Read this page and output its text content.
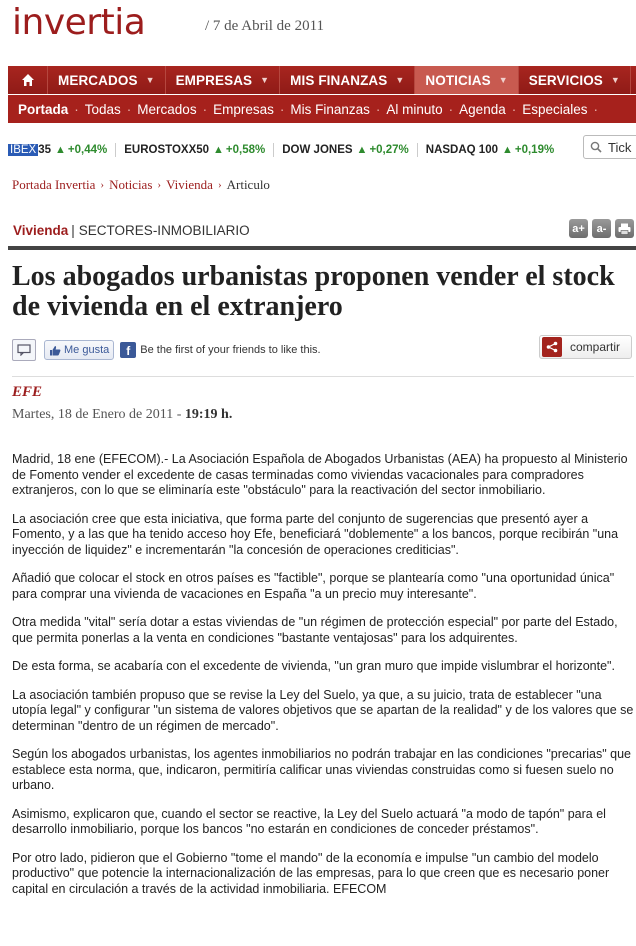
invertia	/ 7 de Abril de 2011
MERCADOS ▼ EMPRESAS ▼ MIS FINANZAS ▼ NOTICIAS ▼ SERVICIOS ▼
Portada · Todas · Mercados · Empresas · Mis Finanzas · Al minuto · Agenda · Especiales ·
IBEX 35 ▲ +0,44% EUROSTOXX50 ▲ +0,58% DOW JONES ▲ +0,27% NASDAQ 100 ▲ +0,19%	Tick
Portada Invertia › Noticias › Vivienda › Articulo
Vivienda | SECTORES-INMOBILIARIO	a+	a-
Los abogados urbanistas proponen vender el stock de vivienda en el extranjero
Me gusta	f Be the first of your friends to like this.	compartir
EFE
Martes, 18 de Enero de 2011 - 19:19 h.

Madrid, 18 ene (EFECOM).- La Asociación Española de Abogados Urbanistas (AEA) ha propuesto al Ministerio de Fomento vender el excedente de casas terminadas como viviendas vacacionales para compradores extranjeros, con lo que se eliminaría este "obstáculo" para la reactivación del sector inmobiliario.

La asociación cree que esta iniciativa, que forma parte del conjunto de sugerencias que presentó ayer a Fomento, y a las que ha tenido acceso hoy Efe, beneficiará "doblemente" a los bancos, porque recibirán "una inyección de liquidez" e incrementarán "la concesión de operaciones crediticias".

Añadió que colocar el stock en otros países es "factible", porque se plantearía como "una oportunidad única" para comprar una vivienda de vacaciones en España "a un precio muy interesante".

Otra medida "vital" sería dotar a estas viviendas de "un régimen de protección especial" por parte del Estado, que permita ponerlas a la venta en condiciones "bastante ventajosas" para los adquirentes.

De esta forma, se acabaría con el excedente de vivienda, "un gran muro que impide vislumbrar el horizonte".

La asociación también propuso que se revise la Ley del Suelo, ya que, a su juicio, trata de establecer "una utopía legal" y configurar "un sistema de valores objetivos que se apartan de la realidad" y de los valores que se determinan "dentro de un régimen de mercado".

Según los abogados urbanistas, los agentes inmobiliarios no podrán trabajar en las condiciones "precarias" que establece esta norma, que, indicaron, permitiría calificar unas viviendas construidas como si fuesen suelo no urbano.

Asimismo, explicaron que, cuando el sector se reactive, la Ley del Suelo actuará "a modo de tapón" para el desarrollo inmobiliario, porque los bancos "no estarán en condiciones de conceder préstamos".

Por otro lado, pidieron que el Gobierno "tome el mando" de la economía e impulse "un cambio del modelo productivo" que potencie la internacionalización de las empresas, para lo que creen que es necesario poner capital en circulación a través de la actividad inmobiliaria. EFECOM
